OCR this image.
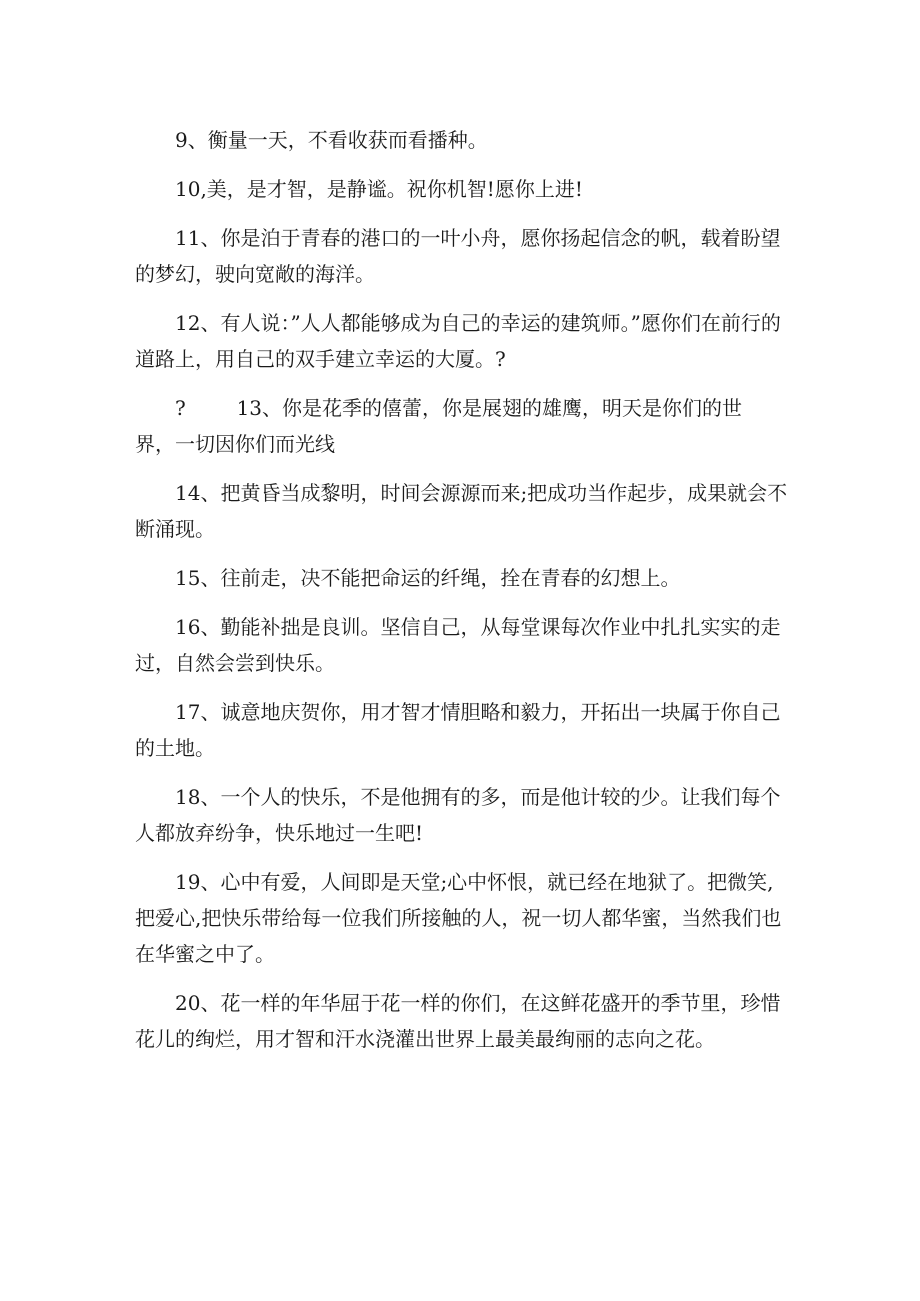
9、衡量一天，不看收获而看播种。

10,美，是才智，是静谧。祝你机智!愿你上进!

11、你是泊于青春的港口的一叶小舟，愿你扬起信念的帆，载着盼望的梦幻，驶向宽敞的海洋。

12、有人说：”人人都能够成为自己的幸运的建筑师。”愿你们在前行的道路上，用自己的双手建立幸运的大厦。?

?        13、你是花季的僖蕾，你是展翅的雄鹰，明天是你们的世
界，一切因你们而光线

14、把黄昏当成黎明，时间会源源而来;把成功当作起步，成果就会不断涌现。

15、往前走，决不能把命运的纤绳，拴在青春的幻想上。

16、勤能补拙是良训。坚信自己，从每堂课每次作业中扎扎实实的走过，自然会尝到快乐。

17、诚意地庆贺你，用才智才情胆略和毅力，开拓出一块属于你自己的土地。

18、一个人的快乐，不是他拥有的多，而是他计较的少。让我们每个人都放弃纷争，快乐地过一生吧!

19、心中有爱，人间即是天堂;心中怀恨，就已经在地狱了。把微笑,把爱心,把快乐带给每一位我们所接触的人，祝一切人都华蜜，当然我们也在华蜜之中了。

20、花一样的年华屈于花一样的你们，在这鲜花盛开的季节里，珍惜花儿的绚烂，用才智和汗水浇灌出世界上最美最绚丽的志向之花。
